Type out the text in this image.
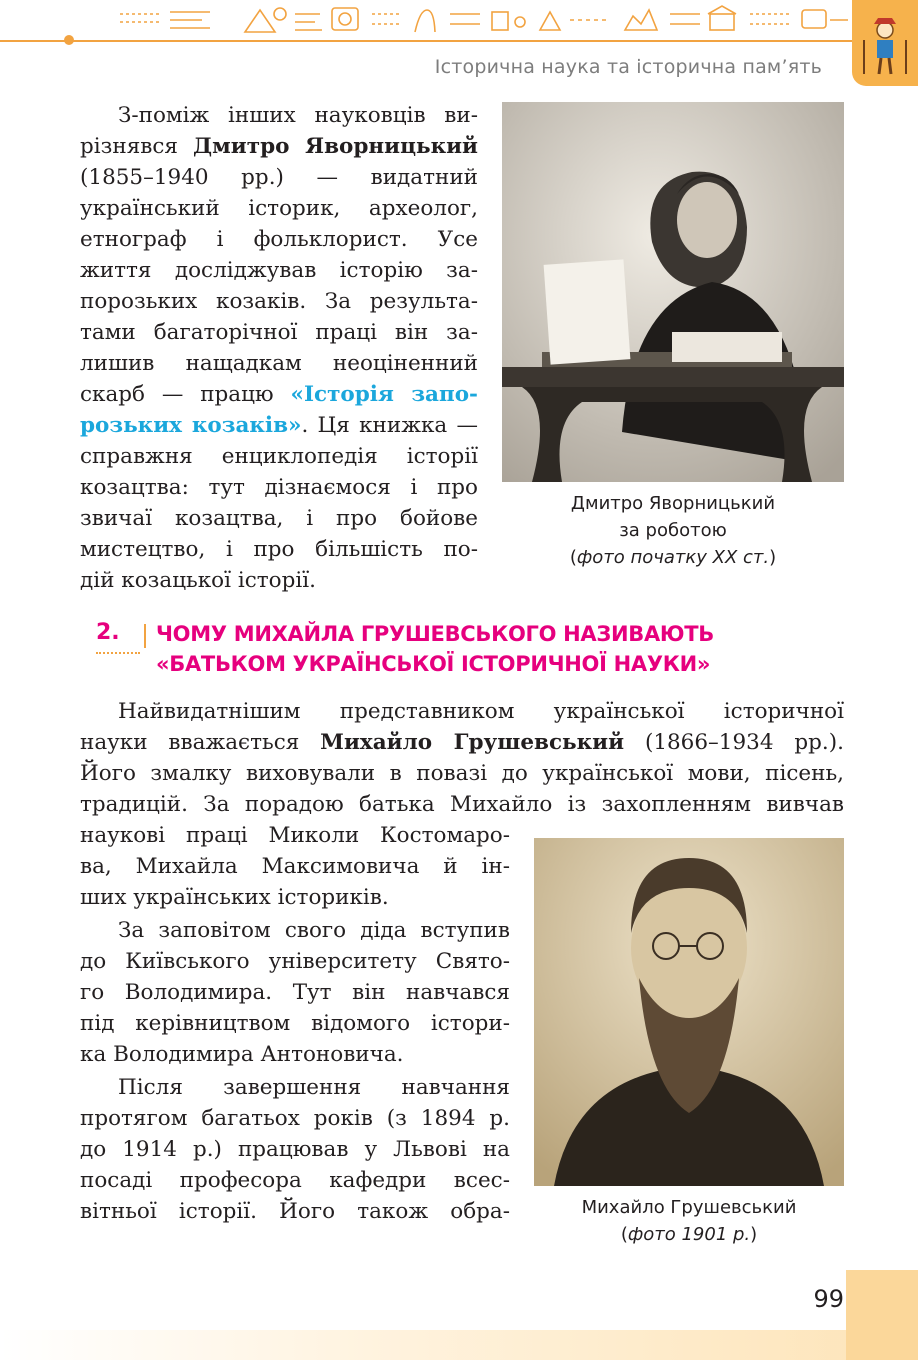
Історична наука та історична пам’ять
З-поміж інших науковців ви-
різнявся Дмитро Яворницький
(1855–1940 рр.) — видатний
український історик, археолог,
етнограф і фольклорист. Усе
життя досліджував історію за-
порозьких козаків. За результа-
тами багаторічної праці він за-
лишив нащадкам неоціненний
скарб — працю «Історія запо-
розьких козаків». Ця книжка —
справжня енциклопедія історії
козацтва: тут дізнаємося і про
звичаї козацтва, і про бойове
мистецтво, і про більшість по-
дій козацької історії.
Дмитро Яворницький
за роботою
(фото початку XX ст.)
2.	ЧОМУ МИХАЙЛА ГРУШЕВСЬКОГО НАЗИВАЮТЬ
«БАТЬКОМ УКРАЇНСЬКОЇ ІСТОРИЧНОЇ НАУКИ»
Найвидатнішим представником української історичної
науки вважається Михайло Грушевський (1866–1934 рр.).
Його змалку виховували в повазі до української мови, пісень,
традицій. За порадою батька Михайло із захопленням вивчав
наукові праці Миколи Костомаро-
ва, Михайла Максимовича й ін-
ших українських істориків.
За заповітом свого діда вступив
до Київського університету Свято-
го Володимира. Тут він навчався
під керівництвом відомого істори-
ка Володимира Антоновича.
Після завершення навчання
протягом багатьох років (з 1894 р.
до 1914 р.) працював у Львові на
посаді професора кафедри всес-
вітньої історії. Його також обра-	Михайло Грушевський
(фото 1901 р.)
99
